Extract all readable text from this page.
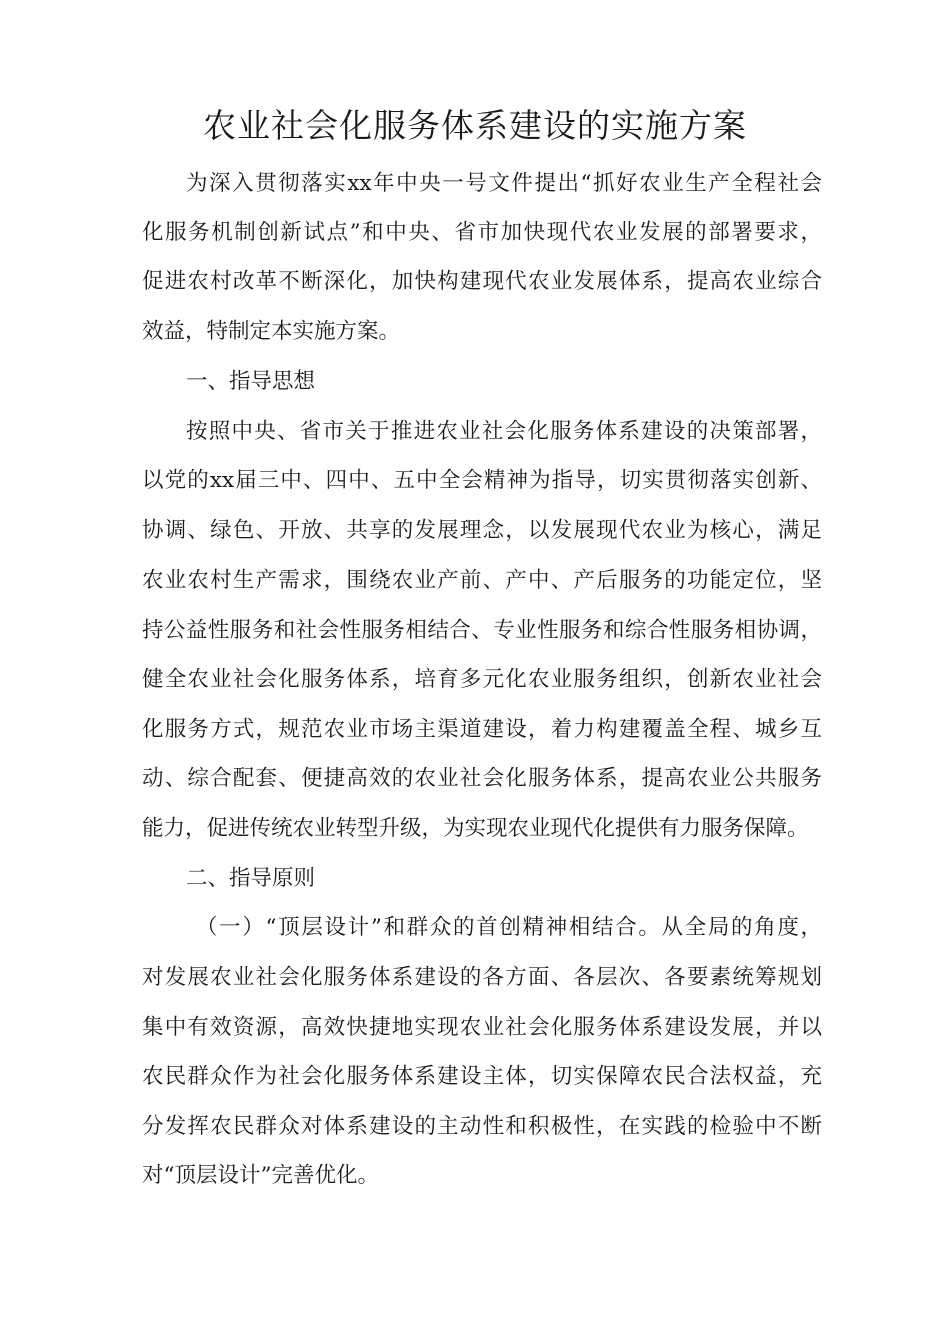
农业社会化服务体系建设的实施方案
为深入贯彻落实xx年中央一号文件提出“抓好农业生产全程社会
化服务机制创新试点”和中央、省市加快现代农业发展的部署要求，
促进农村改革不断深化，加快构建现代农业发展体系，提高农业综合
效益，特制定本实施方案。
一、指导思想
按照中央、省市关于推进农业社会化服务体系建设的决策部署，
以党的xx届三中、四中、五中全会精神为指导，切实贯彻落实创新、
协调、绿色、开放、共享的发展理念，以发展现代农业为核心，满足
农业农村生产需求，围绕农业产前、产中、产后服务的功能定位，坚
持公益性服务和社会性服务相结合、专业性服务和综合性服务相协调，
健全农业社会化服务体系，培育多元化农业服务组织，创新农业社会
化服务方式，规范农业市场主渠道建设，着力构建覆盖全程、城乡互
动、综合配套、便捷高效的农业社会化服务体系，提高农业公共服务
能力，促进传统农业转型升级，为实现农业现代化提供有力服务保障。
二、指导原则
（一）“顶层设计”和群众的首创精神相结合。从全局的角度，
对发展农业社会化服务体系建设的各方面、各层次、各要素统筹规划
集中有效资源，高效快捷地实现农业社会化服务体系建设发展，并以
农民群众作为社会化服务体系建设主体，切实保障农民合法权益，充
分发挥农民群众对体系建设的主动性和积极性，在实践的检验中不断
对“顶层设计”完善优化。
